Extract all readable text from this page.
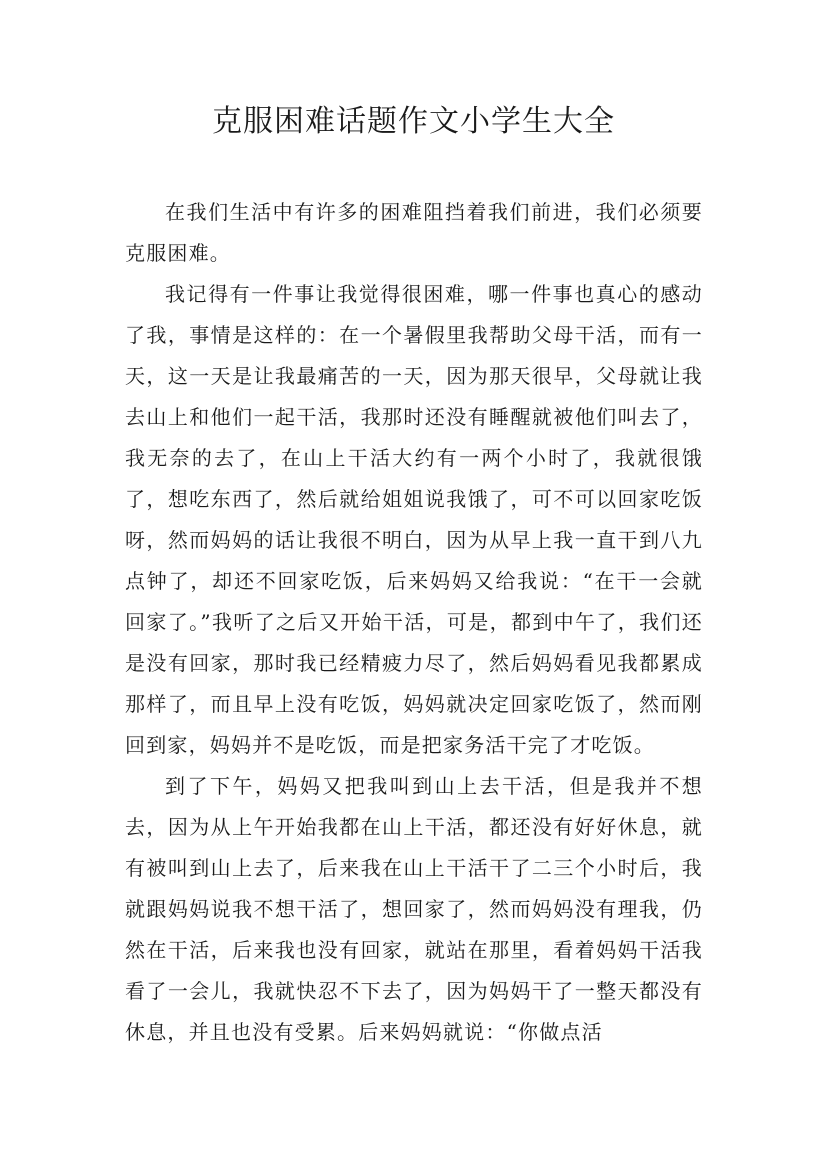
克服困难话题作文小学生大全

在我们生活中有许多的困难阻挡着我们前进，我们必须要克服困难。

我记得有一件事让我觉得很困难，哪一件事也真心的感动了我，事情是这样的：在一个暑假里我帮助父母干活，而有一天，这一天是让我最痛苦的一天，因为那天很早，父母就让我去山上和他们一起干活，我那时还没有睡醒就被他们叫去了，我无奈的去了，在山上干活大约有一两个小时了，我就很饿了，想吃东西了，然后就给姐姐说我饿了，可不可以回家吃饭呀，然而妈妈的话让我很不明白，因为从早上我一直干到八九点钟了，却还不回家吃饭，后来妈妈又给我说：“在干一会就回家了。”我听了之后又开始干活，可是，都到中午了，我们还是没有回家，那时我已经精疲力尽了，然后妈妈看见我都累成那样了，而且早上没有吃饭，妈妈就决定回家吃饭了，然而刚回到家，妈妈并不是吃饭，而是把家务活干完了才吃饭。

到了下午，妈妈又把我叫到山上去干活，但是我并不想去，因为从上午开始我都在山上干活，都还没有好好休息，就有被叫到山上去了，后来我在山上干活干了二三个小时后，我就跟妈妈说我不想干活了，想回家了，然而妈妈没有理我，仍然在干活，后来我也没有回家，就站在那里，看着妈妈干活我看了一会儿，我就快忍不下去了，因为妈妈干了一整天都没有休息，并且也没有受累。后来妈妈就说：“你做点活
